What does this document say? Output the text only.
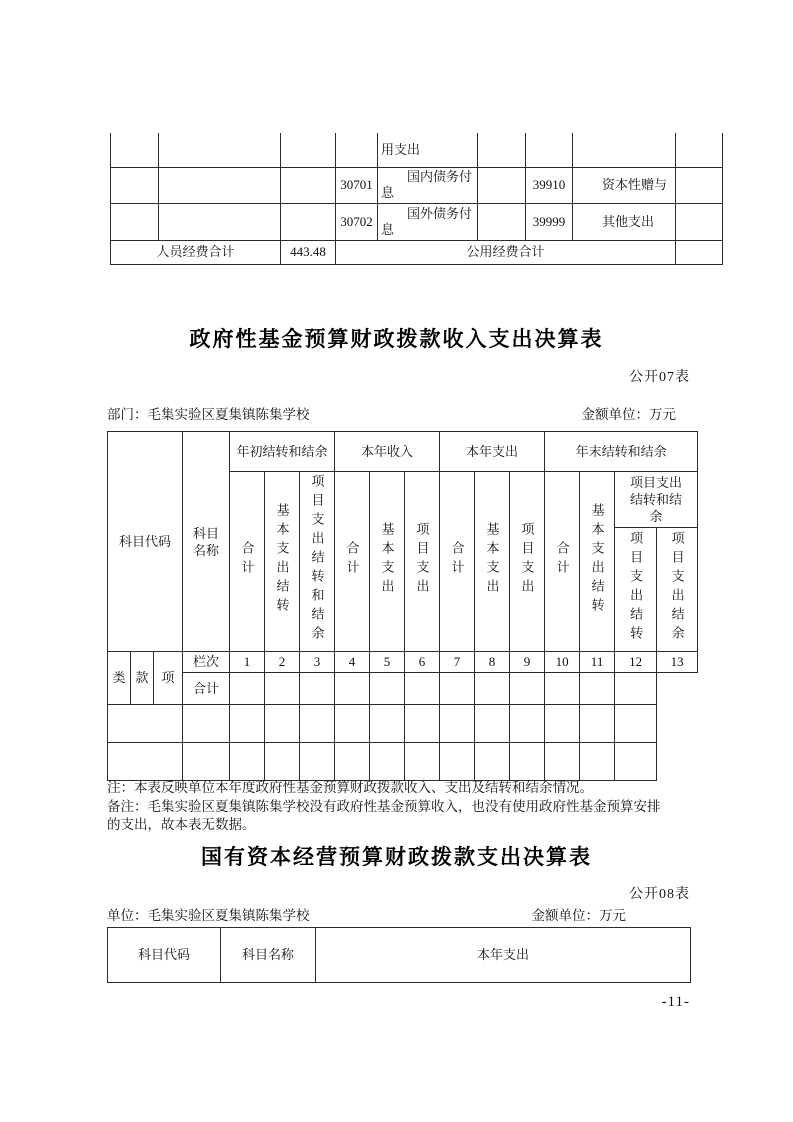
				用支出				
			30701	国内债务付息		39910	资本性赠与	
			30702	国外债务付息		39999	其他支出	
人员经费合计		443.48	公用经费合计					
政府性基金预算财政拨款收入支出决算表
公开07表
部门：毛集实验区夏集镇陈集学校	金额单位：万元
科目代码			科目名称	年初结转和结余			本年收入			本年支出			年末结转和结余			
				合计	基本支出结转	项目支出结转和结余	合计	基本支出	项目支出	合计	基本支出	项目支出	合计	基本支出结转	项目支出结转和结余	

															项目支出结转	项目支出结余
类	款	项	栏次	1	2	3	4	5	6	7	8	9	10	11	12	13
			合计													

注：本表反映单位本年度政府性基金预算财政拨款收入、支出及结转和结余情况。
备注：毛集实验区夏集镇陈集学校没有政府性基金预算收入，也没有使用政府性基金预算安排的支出，故本表无数据。
国有资本经营预算财政拨款支出决算表
公开08表
单位：毛集实验区夏集镇陈集学校	金额单位：万元
科目代码	科目名称	本年支出
-11-
